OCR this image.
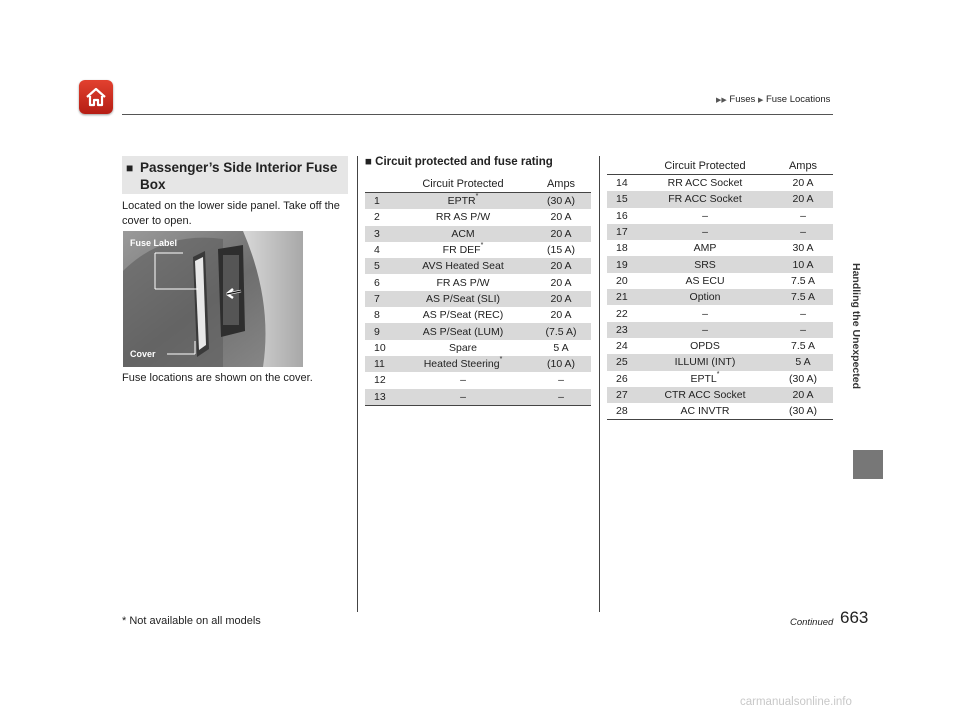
▶▶ Fuses ▶ Fuse Locations
Handling the Unexpected
■ Passenger’s Side Interior Fuse Box
Located on the lower side panel. Take off the cover to open.
Fuse Label
Cover
Fuse locations are shown on the cover.
■ Circuit protected and fuse rating
	Circuit Protected	Amps
1	EPTR*	(30 A)
2	RR AS P/W	20 A
3	ACM	20 A
4	FR DEF*	(15 A)
5	AVS Heated Seat	20 A
6	FR AS P/W	20 A
7	AS P/Seat (SLI)	20 A
8	AS P/Seat (REC)	20 A
9	AS P/Seat (LUM)	(7.5 A)
10	Spare	5 A
11	Heated Steering*	(10 A)
12	–	–
13	–	–
	Circuit Protected	Amps
14	RR ACC Socket	20 A
15	FR ACC Socket	20 A
16	–	–
17	–	–
18	AMP	30 A
19	SRS	10 A
20	AS ECU	7.5 A
21	Option	7.5 A
22	–	–
23	–	–
24	OPDS	7.5 A
25	ILLUMI (INT)	5 A
26	EPTL*	(30 A)
27	CTR ACC Socket	20 A
28	AC INVTR	(30 A)
* Not available on all models	Continued 663
carmanualsonline.info
